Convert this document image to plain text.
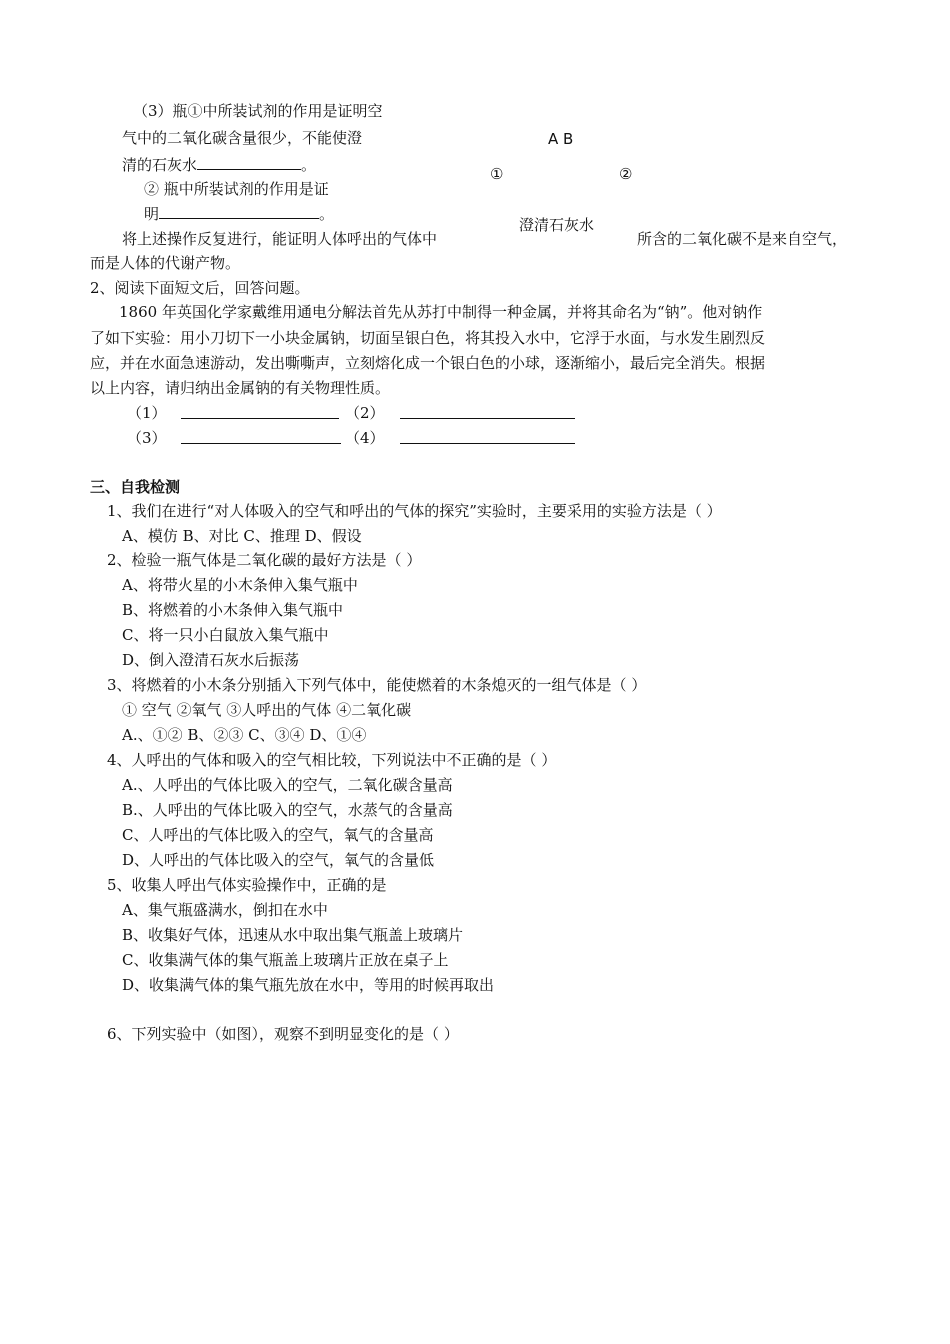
（3）瓶①中所装试剂的作用是证明空
气中的二氧化碳含量很少，不能使澄
清的石灰水	。
② 瓶中所装试剂的作用是证
明	。
A B
①	②
澄清石灰水
将上述操作反复进行，能证明人体呼出的气体中	所含的二氧化碳不是来自空气，
而是人体的代谢产物。
2、阅读下面短文后，回答问题。
1860 年英国化学家戴维用通电分解法首先从苏打中制得一种金属，并将其命名为“钠”。他对钠作
了如下实验：用小刀切下一小块金属钠，切面呈银白色，将其投入水中，它浮于水面，与水发生剧烈反
应，并在水面急速游动，发出嘶嘶声，立刻熔化成一个银白色的小球，逐渐缩小，最后完全消失。根据
以上内容，请归纳出金属钠的有关物理性质。
（1）	（2）
（3）	（4）
三、自我检测
1、我们在进行“对人体吸入的空气和呼出的气体的探究”实验时，主要采用的实验方法是（ ）
A、模仿 B、对比 C、推理 D、假设
2、检验一瓶气体是二氧化碳的最好方法是（ ）
A、将带火星的小木条伸入集气瓶中
B、将燃着的小木条伸入集气瓶中
C、将一只小白鼠放入集气瓶中
D、倒入澄清石灰水后振荡
3、将燃着的小木条分别插入下列气体中，能使燃着的木条熄灭的一组气体是（ ）
① 空气 ②氧气 ③人呼出的气体 ④二氧化碳
A.、①② B、②③ C、③④ D、①④
4、人呼出的气体和吸入的空气相比较，下列说法中不正确的是（ ）
A.、人呼出的气体比吸入的空气，二氧化碳含量高
B.、人呼出的气体比吸入的空气，水蒸气的含量高
C、人呼出的气体比吸入的空气，氧气的含量高
D、人呼出的气体比吸入的空气，氧气的含量低
5、收集人呼出气体实验操作中，正确的是
A、集气瓶盛满水，倒扣在水中
B、收集好气体，迅速从水中取出集气瓶盖上玻璃片
C、收集满气体的集气瓶盖上玻璃片正放在桌子上
D、收集满气体的集气瓶先放在水中，等用的时候再取出
6、下列实验中（如图），观察不到明显变化的是（ ）
